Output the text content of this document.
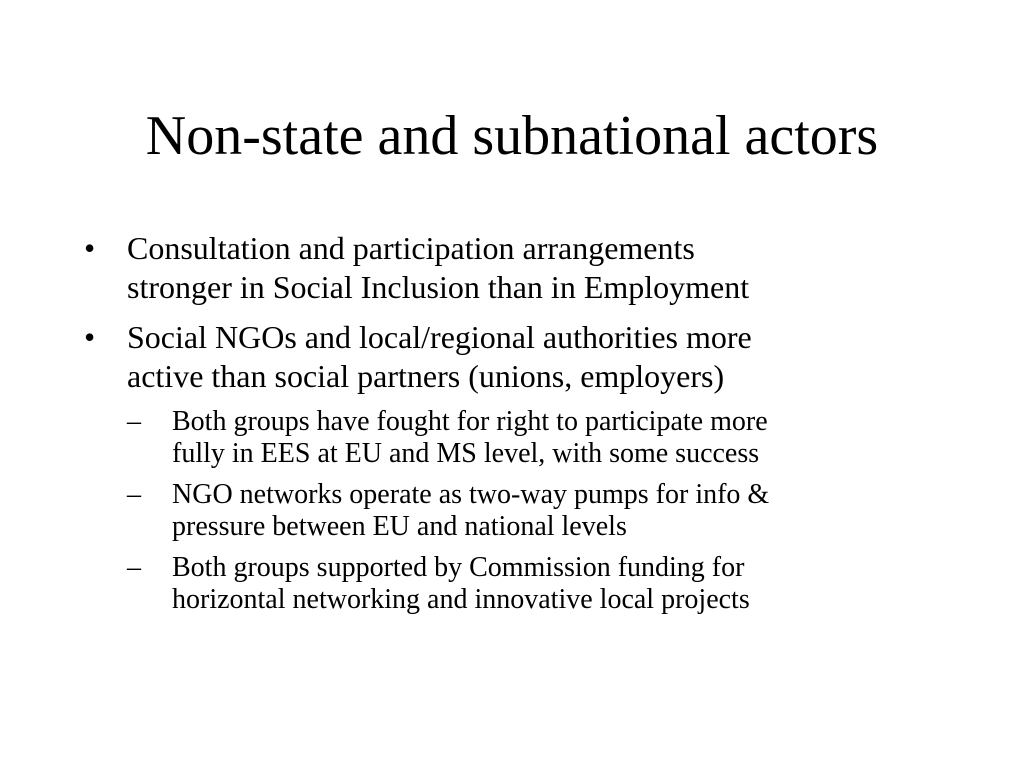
Non-state and subnational actors
• Consultation and participation arrangements
stronger in Social Inclusion than in Employment
• Social NGOs and local/regional authorities more
active than social partners (unions, employers)
–	Both groups have fought for right to participate more
fully in EES at EU and MS level, with some success
–	NGO networks operate as two-way pumps for info &
pressure between EU and national levels
–	Both groups supported by Commission funding for
horizontal networking and innovative local projects
